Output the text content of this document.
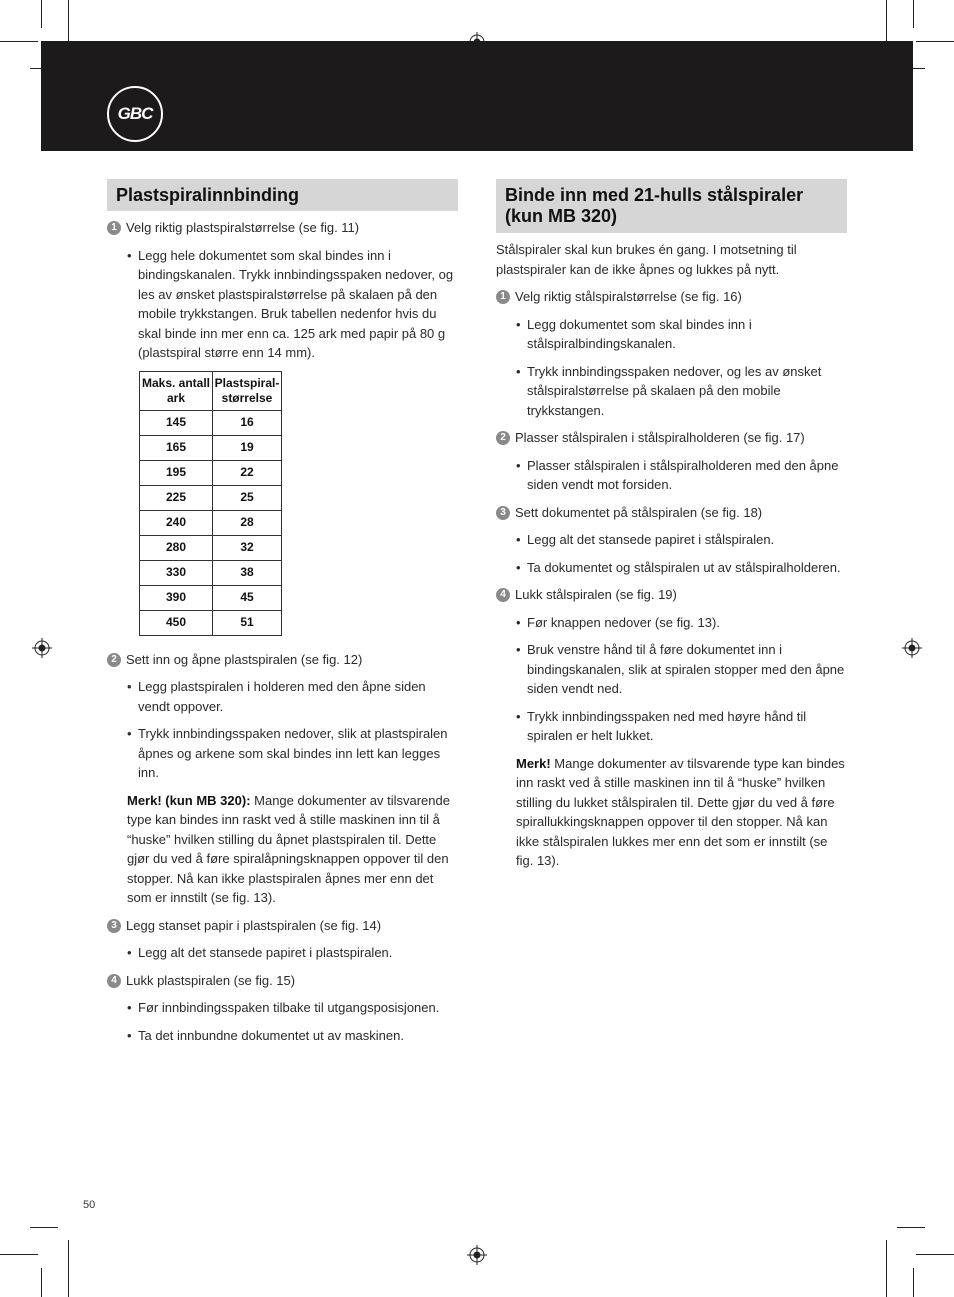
GBC
Plastspiralinnbinding
1 Velg riktig plastspiralstørrelse (se fig. 11)
• Legg hele dokumentet som skal bindes inn i bindingskanalen. Trykk innbindingsspaken nedover, og les av ønsket plastspiralstørrelse på skalaen på den mobile trykkstangen. Bruk tabellen nedenfor hvis du skal binde inn mer enn ca. 125 ark med papir på 80 g (plastspiral større enn 14 mm).
Maks. antall ark	Plastspiral- størrelse
145	16
165	19
195	22
225	25
240	28
280	32
330	38
390	45
450	51
2 Sett inn og åpne plastspiralen (se fig. 12)
• Legg plastspiralen i holderen med den åpne siden vendt oppover.
• Trykk innbindingsspaken nedover, slik at plastspiralen åpnes og arkene som skal bindes inn lett kan legges inn.
Merk! (kun MB 320): Mange dokumenter av tilsvarende type kan bindes inn raskt ved å stille maskinen inn til å “huske” hvilken stilling du åpnet plastspiralen til. Dette gjør du ved å føre spiralåpningsknappen oppover til den stopper. Nå kan ikke plastspiralen åpnes mer enn det som er innstilt (se fig. 13).
3 Legg stanset papir i plastspiralen (se fig. 14)
• Legg alt det stansede papiret i plastspiralen.
4 Lukk plastspiralen (se fig. 15)
• Før innbindingsspaken tilbake til utgangsposisjonen.
• Ta det innbundne dokumentet ut av maskinen.
Binde inn med 21-hulls stålspiraler (kun MB 320)
Stålspiraler skal kun brukes én gang. I motsetning til plastspiraler kan de ikke åpnes og lukkes på nytt.
1 Velg riktig stålspiralstørrelse (se fig. 16)
• Legg dokumentet som skal bindes inn i stålspiralbindingskanalen.
• Trykk innbindingsspaken nedover, og les av ønsket stålspiralstørrelse på skalaen på den mobile trykkstangen.
2 Plasser stålspiralen i stålspiralholderen (se fig. 17)
• Plasser stålspiralen i stålspiralholderen med den åpne siden vendt mot forsiden.
3 Sett dokumentet på stålspiralen (se fig. 18)
• Legg alt det stansede papiret i stålspiralen.
• Ta dokumentet og stålspiralen ut av stålspiralholderen.
4 Lukk stålspiralen (se fig. 19)
• Før knappen nedover (se fig. 13).
• Bruk venstre hånd til å føre dokumentet inn i bindingskanalen, slik at spiralen stopper med den åpne siden vendt ned.
• Trykk innbindingsspaken ned med høyre hånd til spiralen er helt lukket.
Merk! Mange dokumenter av tilsvarende type kan bindes inn raskt ved å stille maskinen inn til å “huske” hvilken stilling du lukket stålspiralen til. Dette gjør du ved å føre spirallukkingsknappen oppover til den stopper. Nå kan ikke stålspiralen lukkes mer enn det som er innstilt (se fig. 13).
50
